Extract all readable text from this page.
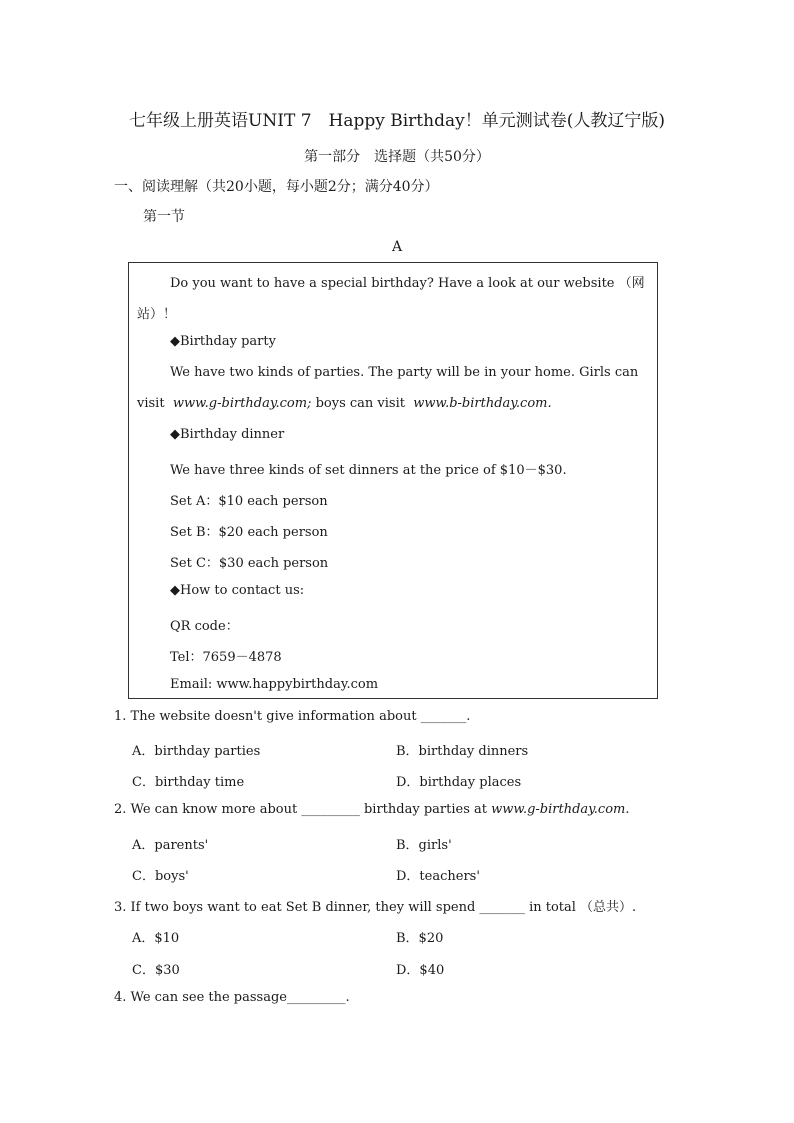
七年级上册英语UNIT 7　Happy Birthday！单元测试卷(人教辽宁版)
第一部分　选择题（共50分）
一、阅读理解（共20小题，每小题2分；满分40分）
第一节
A
Do you want to have a special birthday? Have a look at our website （网
站）！
◆Birthday party
We have two kinds of parties. The party will be in your home. Girls can
visit www.g-birthday.com; boys can visit www.b-birthday.com.
◆Birthday dinner
We have three kinds of set dinners at the price of $10－$30.
Set A：$10 each person
Set B：$20 each person
Set C：$30 each person
◆How to contact us:
QR code：
Tel：7659－4878
Email: www.happybirthday.com
1. The website doesn't give information about _______.
A．birthday parties	B．birthday dinners
C．birthday time	D．birthday places
2. We can know more about _________ birthday parties at www.g-birthday.com.
A．parents'	B．girls'
C．boys'	D．teachers'
3. If two boys want to eat Set B dinner, they will spend _______ in total （总共）.
A．$10	B．$20
C．$30	D．$40
4. We can see the passage_________.
